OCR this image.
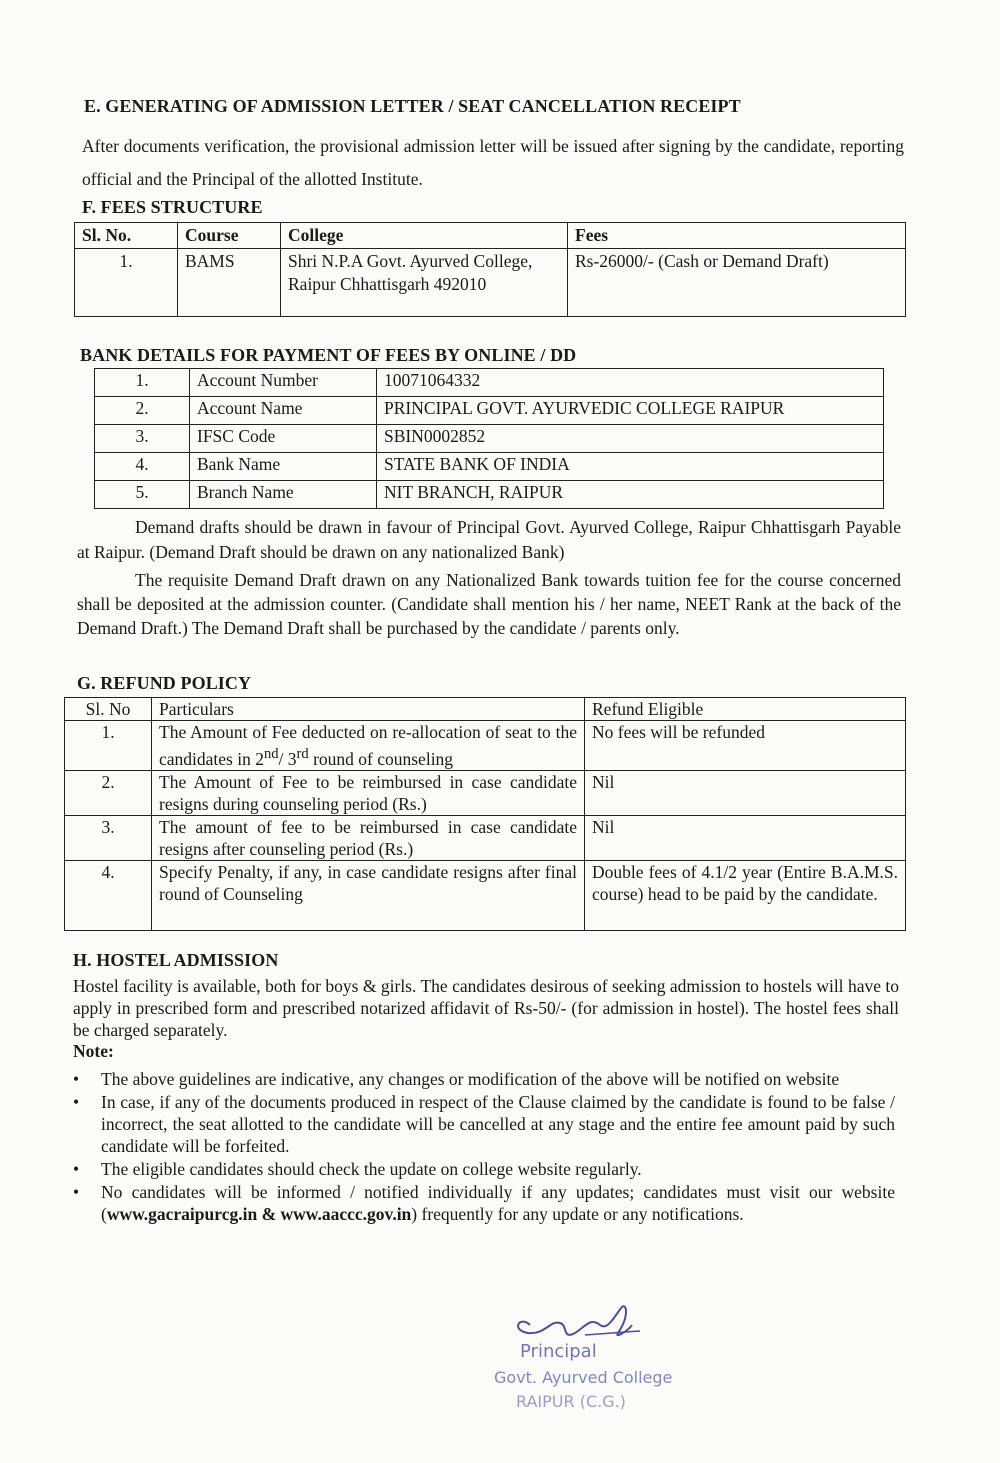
E. GENERATING OF ADMISSION LETTER / SEAT CANCELLATION RECEIPT

After documents verification, the provisional admission letter will be issued after signing by the candidate, reporting official and the Principal of the allotted Institute.

F. FEES STRUCTURE
Sl. No.	Course	College	Fees
1.	BAMS	Shri N.P.A Govt. Ayurved College, Raipur Chhattisgarh 492010	Rs-26000/- (Cash or Demand Draft)
BANK DETAILS FOR PAYMENT OF FEES BY ONLINE / DD
1.	Account Number	10071064332
2.	Account Name	PRINCIPAL GOVT. AYURVEDIC COLLEGE RAIPUR
3.	IFSC Code	SBIN0002852
4.	Bank Name	STATE BANK OF INDIA
5.	Branch Name	NIT BRANCH, RAIPUR

Demand drafts should be drawn in favour of Principal Govt. Ayurved College, Raipur Chhattisgarh Payable at Raipur. (Demand Draft should be drawn on any nationalized Bank)

The requisite Demand Draft drawn on any Nationalized Bank towards tuition fee for the course concerned shall be deposited at the admission counter. (Candidate shall mention his / her name, NEET Rank at the back of the Demand Draft.) The Demand Draft shall be purchased by the candidate / parents only.

G. REFUND POLICY
Sl. No	Particulars	Refund Eligible
1.	The Amount of Fee deducted on re-allocation of seat to the candidates in 2nd/ 3rd round of counseling	No fees will be refunded
2.	The Amount of Fee to be reimbursed in case candidate resigns during counseling period (Rs.)	Nil
3.	The amount of fee to be reimbursed in case candidate resigns after counseling period (Rs.)	Nil
4.	Specify Penalty, if any, in case candidate resigns after final round of Counseling	Double fees of 4.1/2 year (Entire B.A.M.S. course) head to be paid by the candidate.
H. HOSTEL ADMISSION

Hostel facility is available, both for boys & girls. The candidates desirous of seeking admission to hostels will have to apply in prescribed form and prescribed notarized affidavit of Rs-50/- (for admission in hostel). The hostel fees shall be charged separately.

Note:
• The above guidelines are indicative, any changes or modification of the above will be notified on website
• In case, if any of the documents produced in respect of the Clause claimed by the candidate is found to be false / incorrect, the seat allotted to the candidate will be cancelled at any stage and the entire fee amount paid by such candidate will be forfeited.
• The eligible candidates should check the update on college website regularly.
• No candidates will be informed / notified individually if any updates; candidates must visit our website (www.gacraipurcg.in & www.aaccc.gov.in) frequently for any update or any notifications.
Principal
Govt. Ayurved College
RAIPUR (C.G.)
